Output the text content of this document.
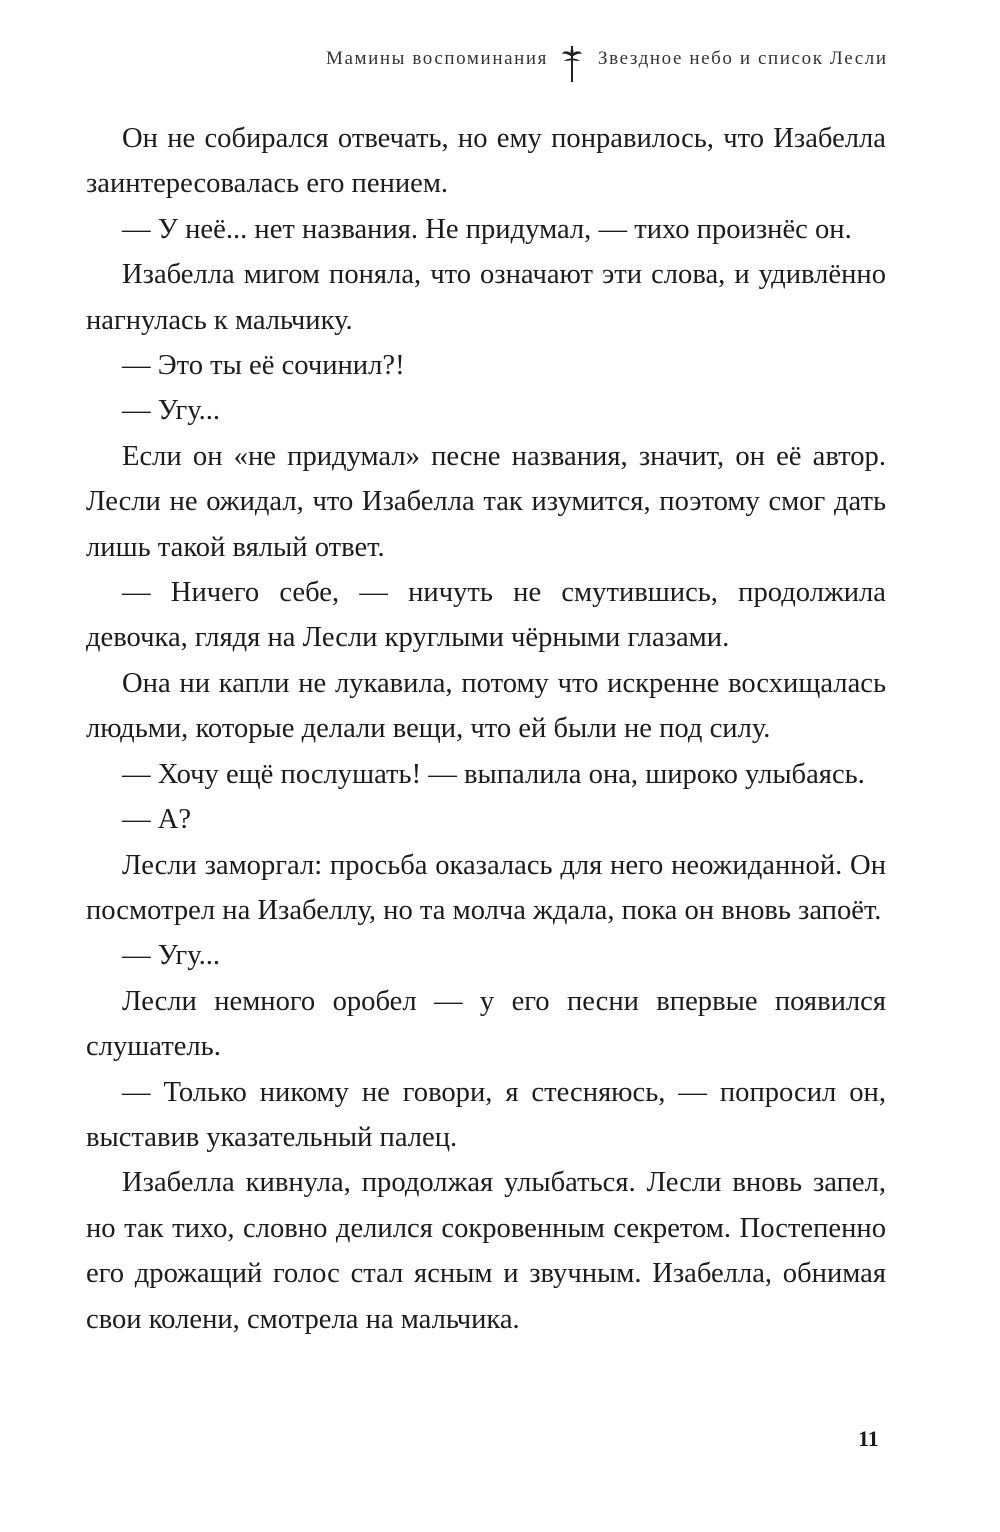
Мамины воспоминания	Звездное небо и список Лесли

Он не собирался отвечать, но ему понравилось, что Изабелла заинтересовалась его пением.

— У неё... нет названия. Не придумал, — тихо произнёс он.

Изабелла мигом поняла, что означают эти слова, и удивлённо нагнулась к мальчику.

— Это ты её сочинил?!

— Угу...

Если он «не придумал» песне названия, значит, он её автор. Лесли не ожидал, что Изабелла так изумится, поэтому смог дать лишь такой вялый ответ.

— Ничего себе, — ничуть не смутившись, продолжила девочка, глядя на Лесли круглыми чёрными глазами.

Она ни капли не лукавила, потому что искренне восхищалась людьми, которые делали вещи, что ей были не под силу.

— Хочу ещё послушать! — выпалила она, широко улыбаясь.

— А?

Лесли заморгал: просьба оказалась для него неожиданной. Он посмотрел на Изабеллу, но та молча ждала, пока он вновь запоёт.

— Угу...

Лесли немного оробел — у его песни впервые появился слушатель.

— Только никому не говори, я стесняюсь, — попросил он, выставив указательный палец.

Изабелла кивнула, продолжая улыбаться. Лесли вновь запел, но так тихо, словно делился сокровенным секретом. Постепенно его дрожащий голос стал ясным и звучным. Изабелла, обнимая свои колени, смотрела на мальчика.

11
